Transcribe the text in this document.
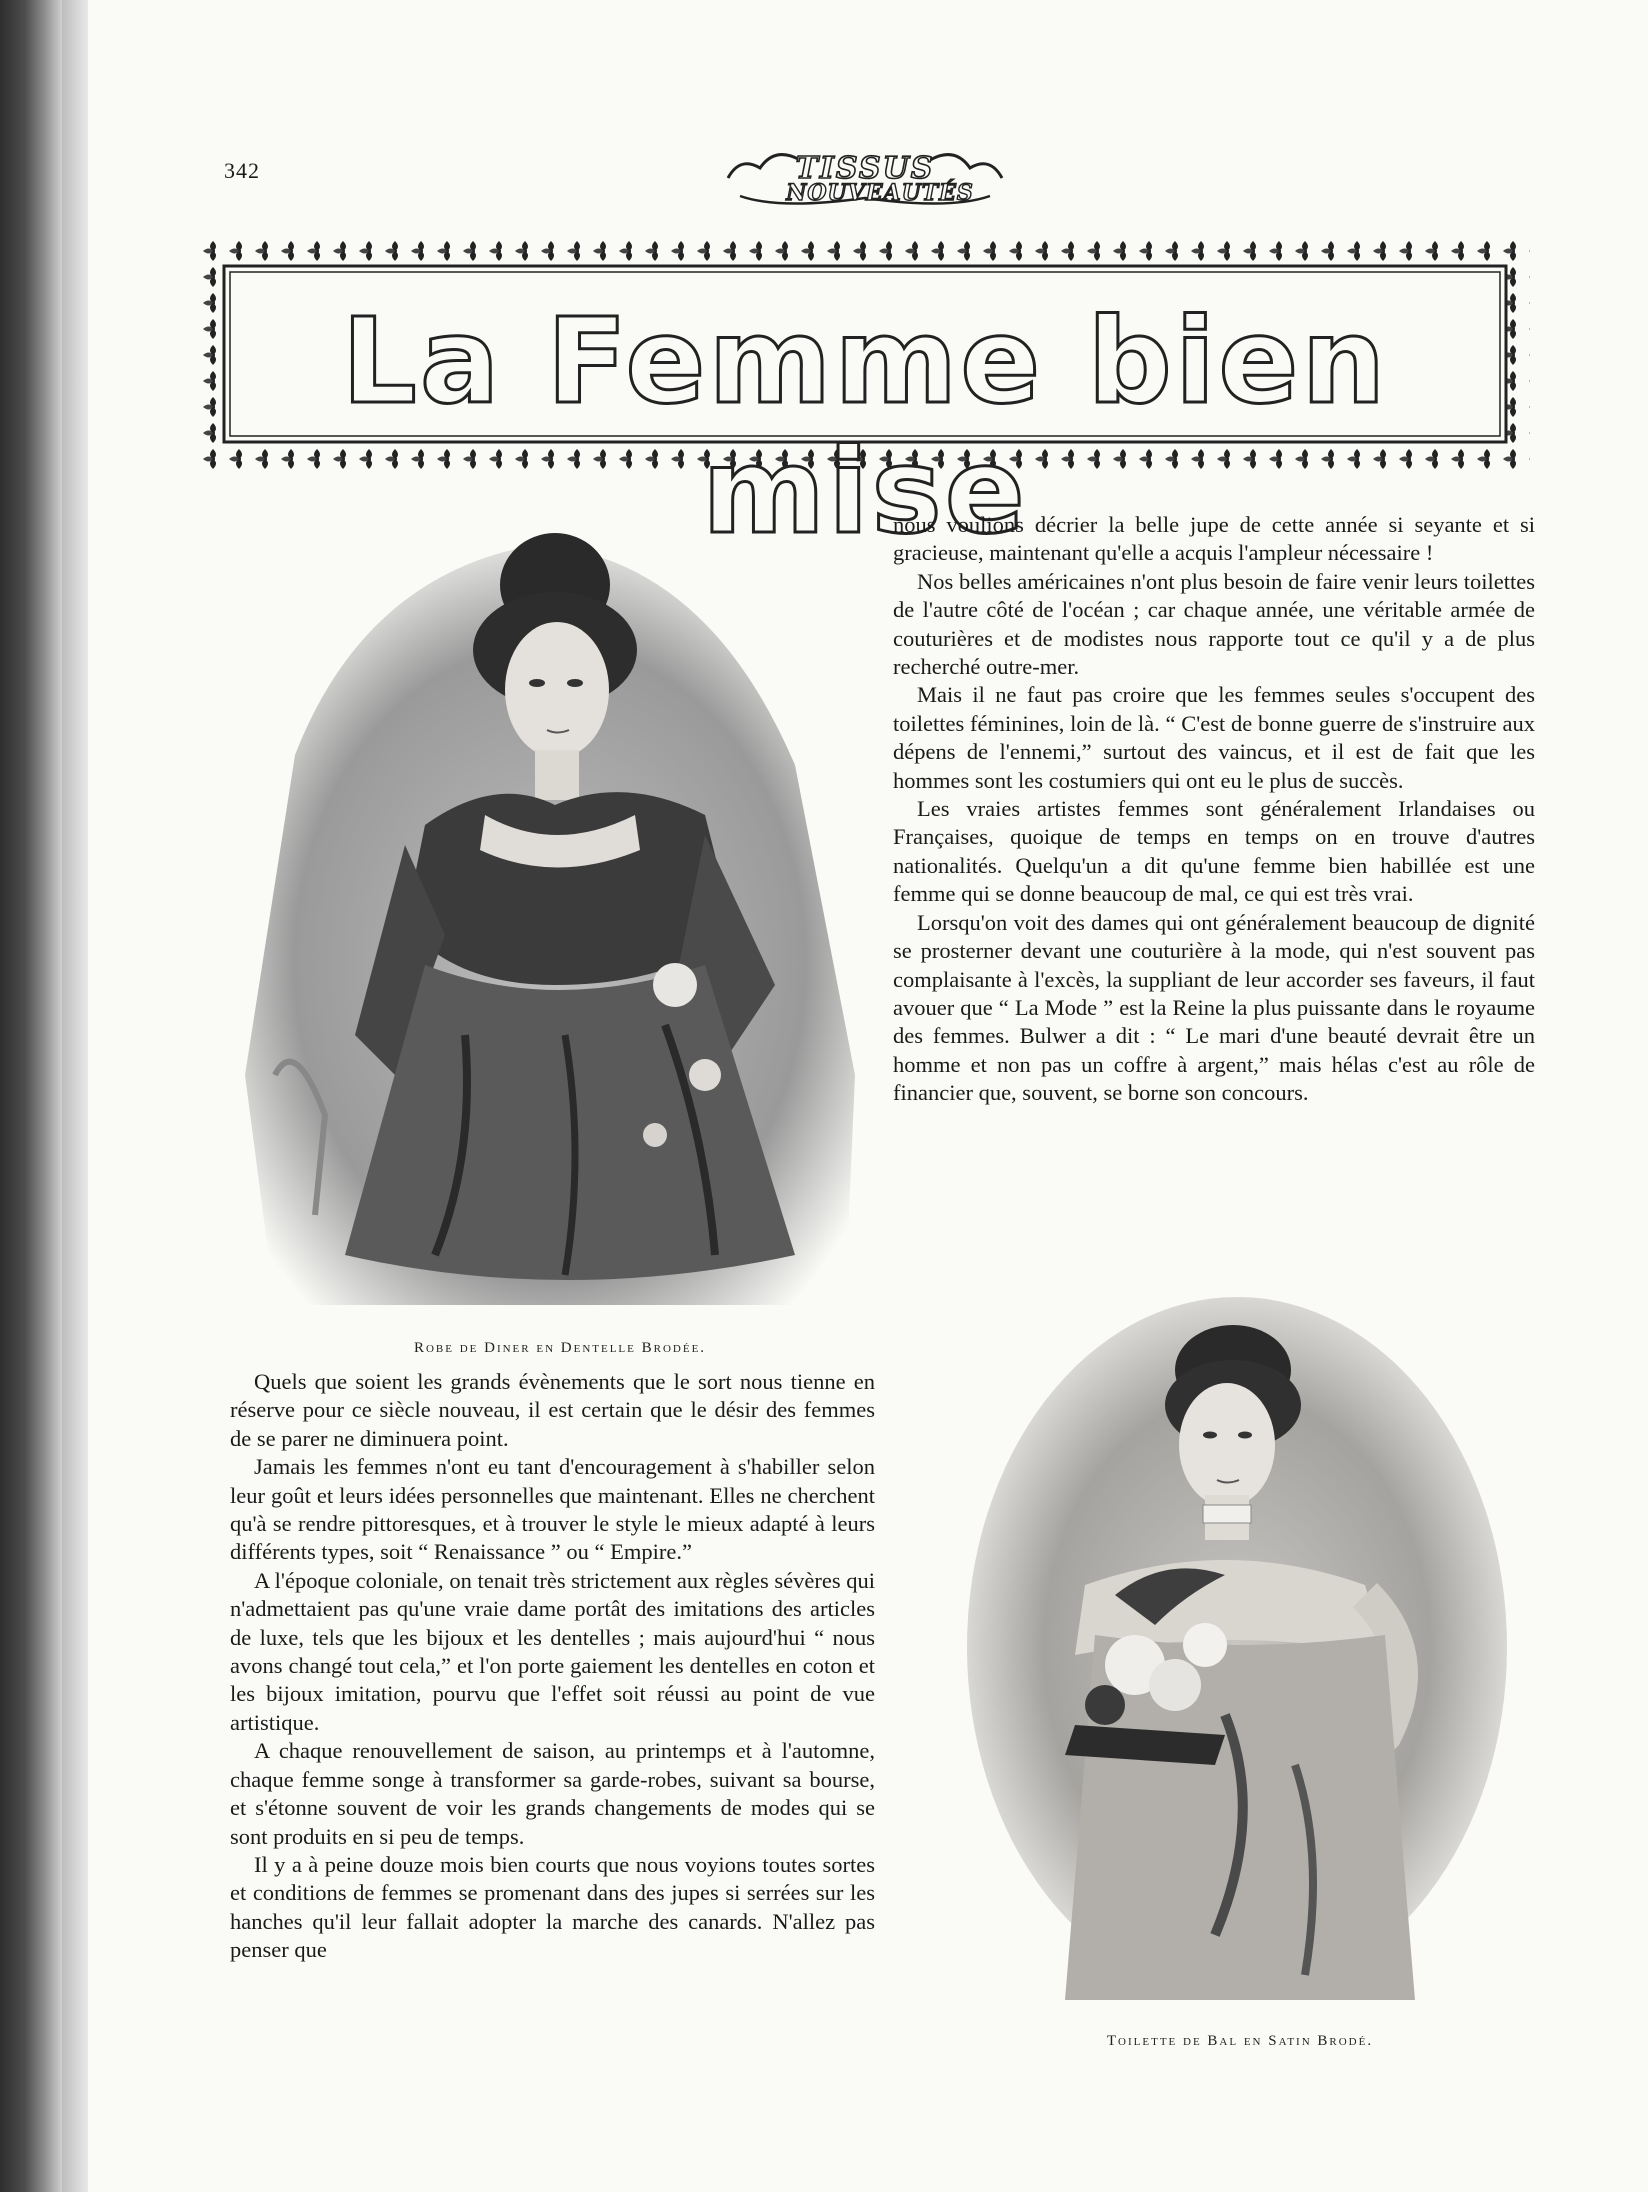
342	TISSUS
NOUVEAUTÉS
La Femme bien mise
Robe de Diner en Dentelle Brodée.
Toilette de Bal en Satin Brodé.

nous voulions décrier la belle jupe de cette année si seyante et si gracieuse, maintenant qu'elle a acquis l'ampleur nécessaire !

Nos belles américaines n'ont plus besoin de faire venir leurs toilettes de l'autre côté de l'océan ; car chaque année, une véritable armée de couturières et de modistes nous rapporte tout ce qu'il y a de plus recherché outre-mer.

Mais il ne faut pas croire que les femmes seules s'occupent des toilettes féminines, loin de là. “ C'est de bonne guerre de s'instruire aux dépens de l'ennemi,” surtout des vaincus, et il est de fait que les hommes sont les costumiers qui ont eu le plus de succès.

Les vraies artistes femmes sont généralement Irlandaises ou Françaises, quoique de temps en temps on en trouve d'autres nationalités. Quelqu'un a dit qu'une femme bien habillée est une femme qui se donne beaucoup de mal, ce qui est très vrai.

Lorsqu'on voit des dames qui ont généralement beaucoup de dignité se prosterner devant une couturière à la mode, qui n'est souvent pas complaisante à l'excès, la suppliant de leur accorder ses faveurs, il faut avouer que “ La Mode ” est la Reine la plus puissante dans le royaume des femmes. Bulwer a dit : “ Le mari d'une beauté devrait être un homme et non pas un coffre à argent,” mais hélas c'est au rôle de financier que, souvent, se borne son concours.

Quels que soient les grands évènements que le sort nous tienne en réserve pour ce siècle nouveau, il est certain que le désir des femmes de se parer ne diminuera point.

Jamais les femmes n'ont eu tant d'encouragement à s'habiller selon leur goût et leurs idées personnelles que maintenant. Elles ne cherchent qu'à se rendre pittoresques, et à trouver le style le mieux adapté à leurs différents types, soit “ Renaissance ” ou “ Empire.”

A l'époque coloniale, on tenait très strictement aux règles sévères qui n'admettaient pas qu'une vraie dame portât des imitations des articles de luxe, tels que les bijoux et les dentelles ; mais aujourd'hui “ nous avons changé tout cela,” et l'on porte gaiement les dentelles en coton et les bijoux imitation, pourvu que l'effet soit réussi au point de vue artistique.

A chaque renouvellement de saison, au printemps et à l'automne, chaque femme songe à transformer sa garde-robes, suivant sa bourse, et s'étonne souvent de voir les grands changements de modes qui se sont produits en si peu de temps.

Il y a à peine douze mois bien courts que nous voyions toutes sortes et conditions de femmes se promenant dans des jupes si serrées sur les hanches qu'il leur fallait adopter la marche des canards. N'allez pas penser que
